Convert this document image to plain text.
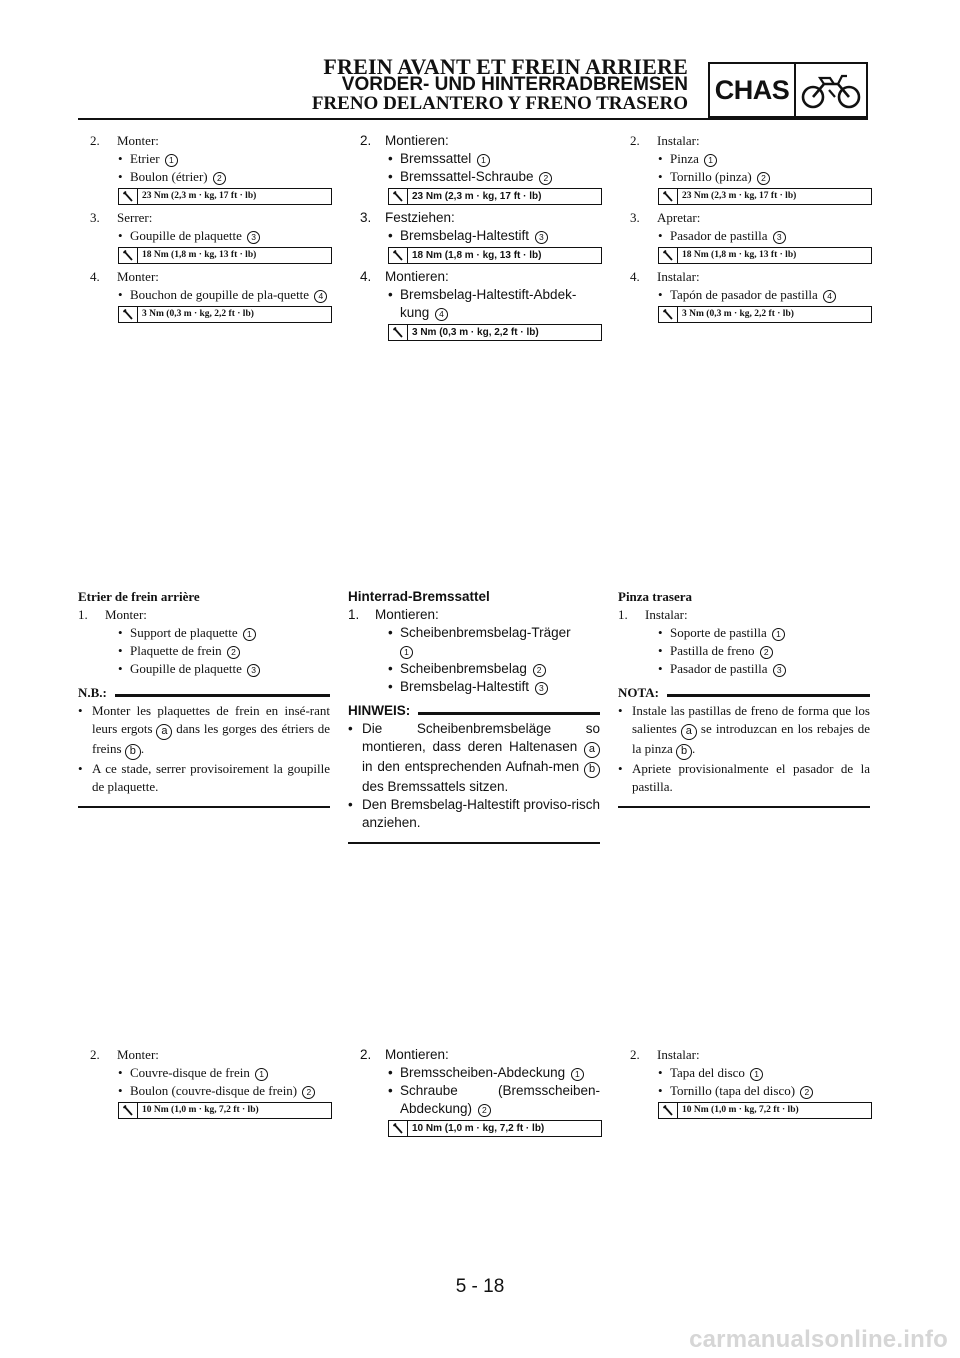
FREIN AVANT ET FREIN ARRIERE
VORDER- UND HINTERRADBREMSEN
FRENO DELANTERO Y FRENO TRASERO CHAS
2.	Monter:
• Etrier 1
• Boulon (étrier) 2
23 Nm (2,3 m · kg, 17 ft · lb)
3.	Serrer:
• Goupille de plaquette 3
18 Nm (1,8 m · kg, 13 ft · lb)
4.	Monter:
• Bouchon de goupille de pla-quette 4
3 Nm (0,3 m · kg, 2,2 ft · lb)
Etrier de frein arrière
1.	Monter:
• Support de plaquette 1
• Plaquette de frein 2
• Goupille de plaquette 3
N.B.:
• Monter les plaquettes de frein en insé-rant leurs ergots a dans les gorges des étriers de freins b .
• A ce stade, serrer provisoirement la goupille de plaquette.
2.	Monter:
• Couvre-disque de frein 1
• Boulon (couvre-disque de frein) 2
10 Nm (1,0 m · kg, 7,2 ft · lb)
2.	Montieren:
• Bremssattel 1
• Bremssattel-Schraube 2
23 Nm (2,3 m · kg, 17 ft · lb)
3.	Festziehen:
• Bremsbelag-Haltestift 3
18 Nm (1,8 m · kg, 13 ft · lb)
4.	Montieren:
• Bremsbelag-Haltestift-Abdek-kung 4
3 Nm (0,3 m · kg, 2,2 ft · lb)
Hinterrad-Bremssattel
1.	Montieren:
• Scheibenbremsbelag-Träger
1
• Scheibenbremsbelag 2
• Bremsbelag-Haltestift 3
HINWEIS:
• Die Scheibenbremsbeläge so montieren, dass deren Haltenasen a in den entsprechenden Aufnah-men b des Bremssattels sitzen.
• Den Bremsbelag-Haltestift proviso-risch anziehen.
2.	Montieren:
• Bremsscheiben-Abdeckung 1
• Schraube (Bremsscheiben-Abdeckung) 2
10 Nm (1,0 m · kg, 7,2 ft · lb)
2.	Instalar:
• Pinza 1
• Tornillo (pinza) 2
23 Nm (2,3 m · kg, 17 ft · lb)
3.	Apretar:
• Pasador de pastilla 3
18 Nm (1,8 m · kg, 13 ft · lb)
4.	Instalar:
• Tapón de pasador de pastilla 4
3 Nm (0,3 m · kg, 2,2 ft · lb)
Pinza trasera
1.	Instalar:
• Soporte de pastilla 1
• Pastilla de freno 2
• Pasador de pastilla 3
NOTA:
• Instale las pastillas de freno de forma que los salientes a se introduzcan en los rebajes de la pinza b .
• Apriete provisionalmente el pasador de la pastilla.
2.	Instalar:
• Tapa del disco 1
• Tornillo (tapa del disco) 2
10 Nm (1,0 m · kg, 7,2 ft · lb)
5 - 18
carmanualsonline.info
